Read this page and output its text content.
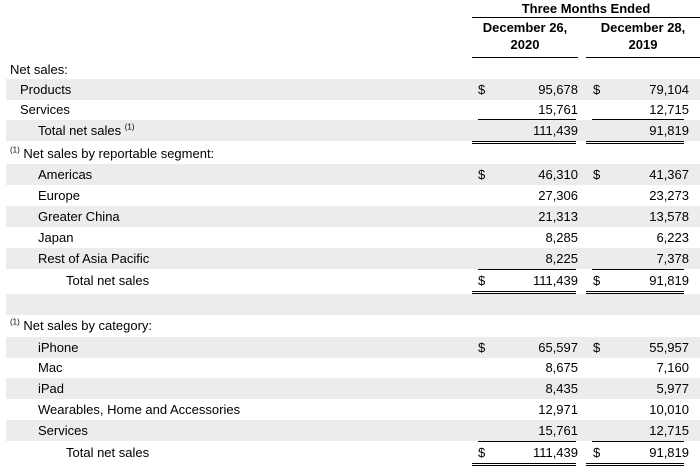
Three Months Ended
December 26,
2020
December 28,
2019
Net sales:
Products	$	95,678 $	79,104
Services	15,761	12,715
Total net sales $^{(1)}$	111,439	91,819
$^{(1)}$ Net sales by reportable segment:
Americas	$	46,310 $	41,367
Europe	27,306	23,273
Greater China	21,313	13,578
Japan	8,285	6,223
Rest of Asia Pacific	8,225	7,378
Total net sales	$	111,439 $	91,819
$^{(1)}$ Net sales by category:
iPhone	$	65,597 $	55,957
Mac	8,675	7,160
iPad	8,435	5,977
Wearables, Home and Accessories	12,971	10,010
Services	15,761	12,715
Total net sales	$	111,439 $	91,819
